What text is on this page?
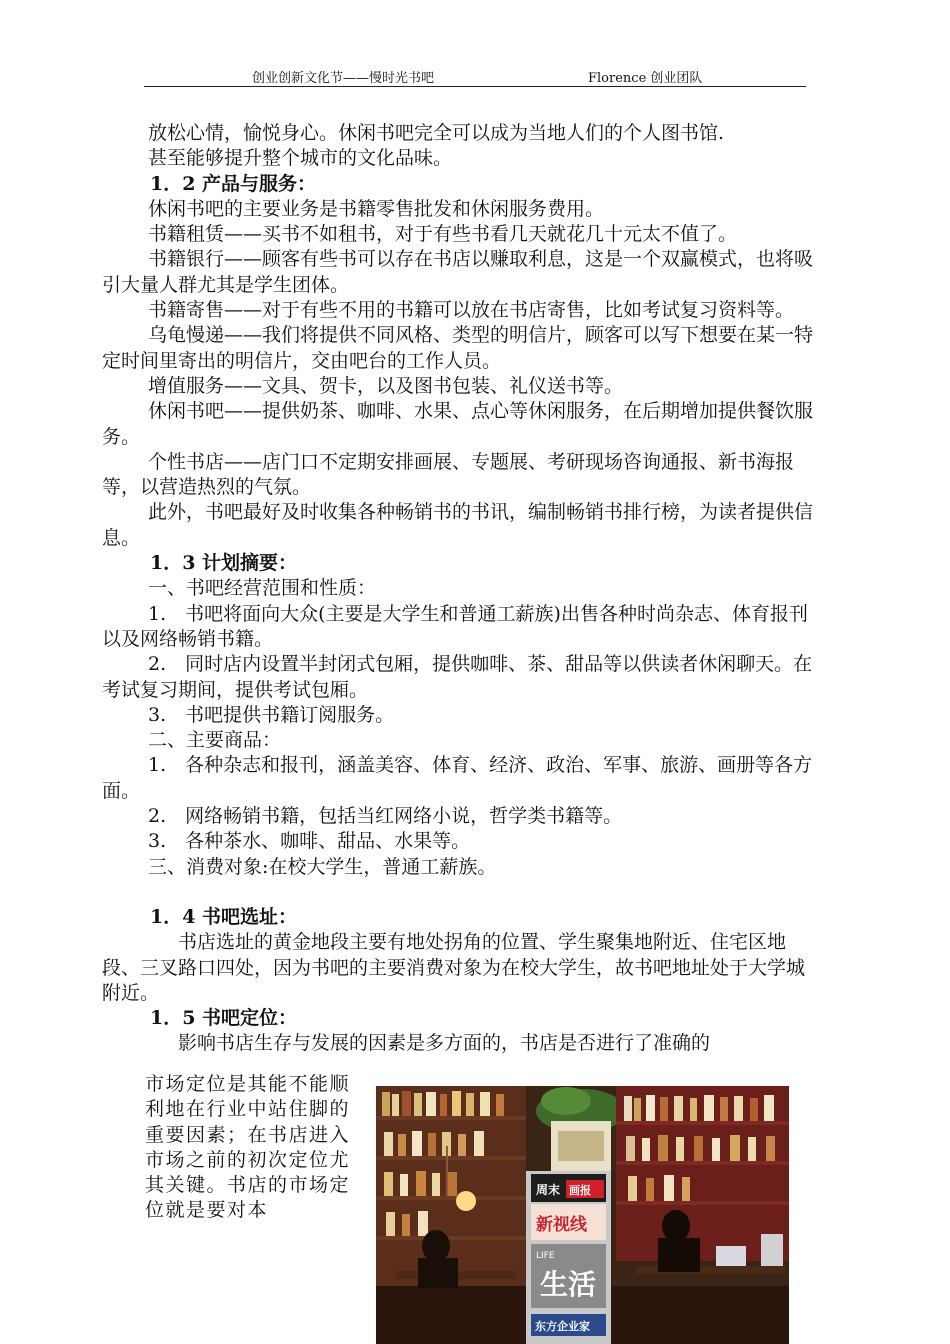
创业创新文化节——慢时光书吧	Florence 创业团队

放松心情，愉悦身心。休闲书吧完全可以成为当地人们的个人图书馆.

甚至能够提升整个城市的文化品味。

1．2 产品与服务：

休闲书吧的主要业务是书籍零售批发和休闲服务费用。

书籍租赁——买书不如租书，对于有些书看几天就花几十元太不值了。

书籍银行——顾客有些书可以存在书店以赚取利息，这是一个双赢模式，也将吸引大量人群尤其是学生团体。

书籍寄售——对于有些不用的书籍可以放在书店寄售，比如考试复习资料等。

乌龟慢递——我们将提供不同风格、类型的明信片，顾客可以写下想要在某一特定时间里寄出的明信片，交由吧台的工作人员。

增值服务——文具、贺卡，以及图书包装、礼仪送书等。

休闲书吧——提供奶茶、咖啡、水果、点心等休闲服务，在后期增加提供餐饮服务。

个性书店——店门口不定期安排画展、专题展、考研现场咨询通报、新书海报等，以营造热烈的气氛。

此外，书吧最好及时收集各种畅销书的书讯，编制畅销书排行榜，为读者提供信息。

1．3 计划摘要：

一、书吧经营范围和性质：

1.　书吧将面向大众(主要是大学生和普通工薪族)出售各种时尚杂志、体育报刊以及网络畅销书籍。

2.　同时店内设置半封闭式包厢，提供咖啡、茶、甜品等以供读者休闲聊天。在考试复习期间，提供考试包厢。

3.　书吧提供书籍订阅服务。

二、主要商品：

1.　各种杂志和报刊，涵盖美容、体育、经济、政治、军事、旅游、画册等各方面。

2.　网络畅销书籍，包括当红网络小说，哲学类书籍等。

3.　各种茶水、咖啡、甜品、水果等。

三、消费对象:在校大学生，普通工薪族。

1．4 书吧选址：

书店选址的黄金地段主要有地处拐角的位置、学生聚集地附近、住宅区地段、三叉路口四处，因为书吧的主要消费对象为在校大学生，故书吧地址处于大学城附近。

1．5 书吧定位：

影响书店生存与发展的因素是多方面的，书店是否进行了准确的

市场定位是其能不能顺利地在行业中站住脚的重要因素；在书店进入市场之前的初次定位尤其关键。书店的市场定位就是要对本

周末 画报
新视线
LIFE
生活
东方企业家
